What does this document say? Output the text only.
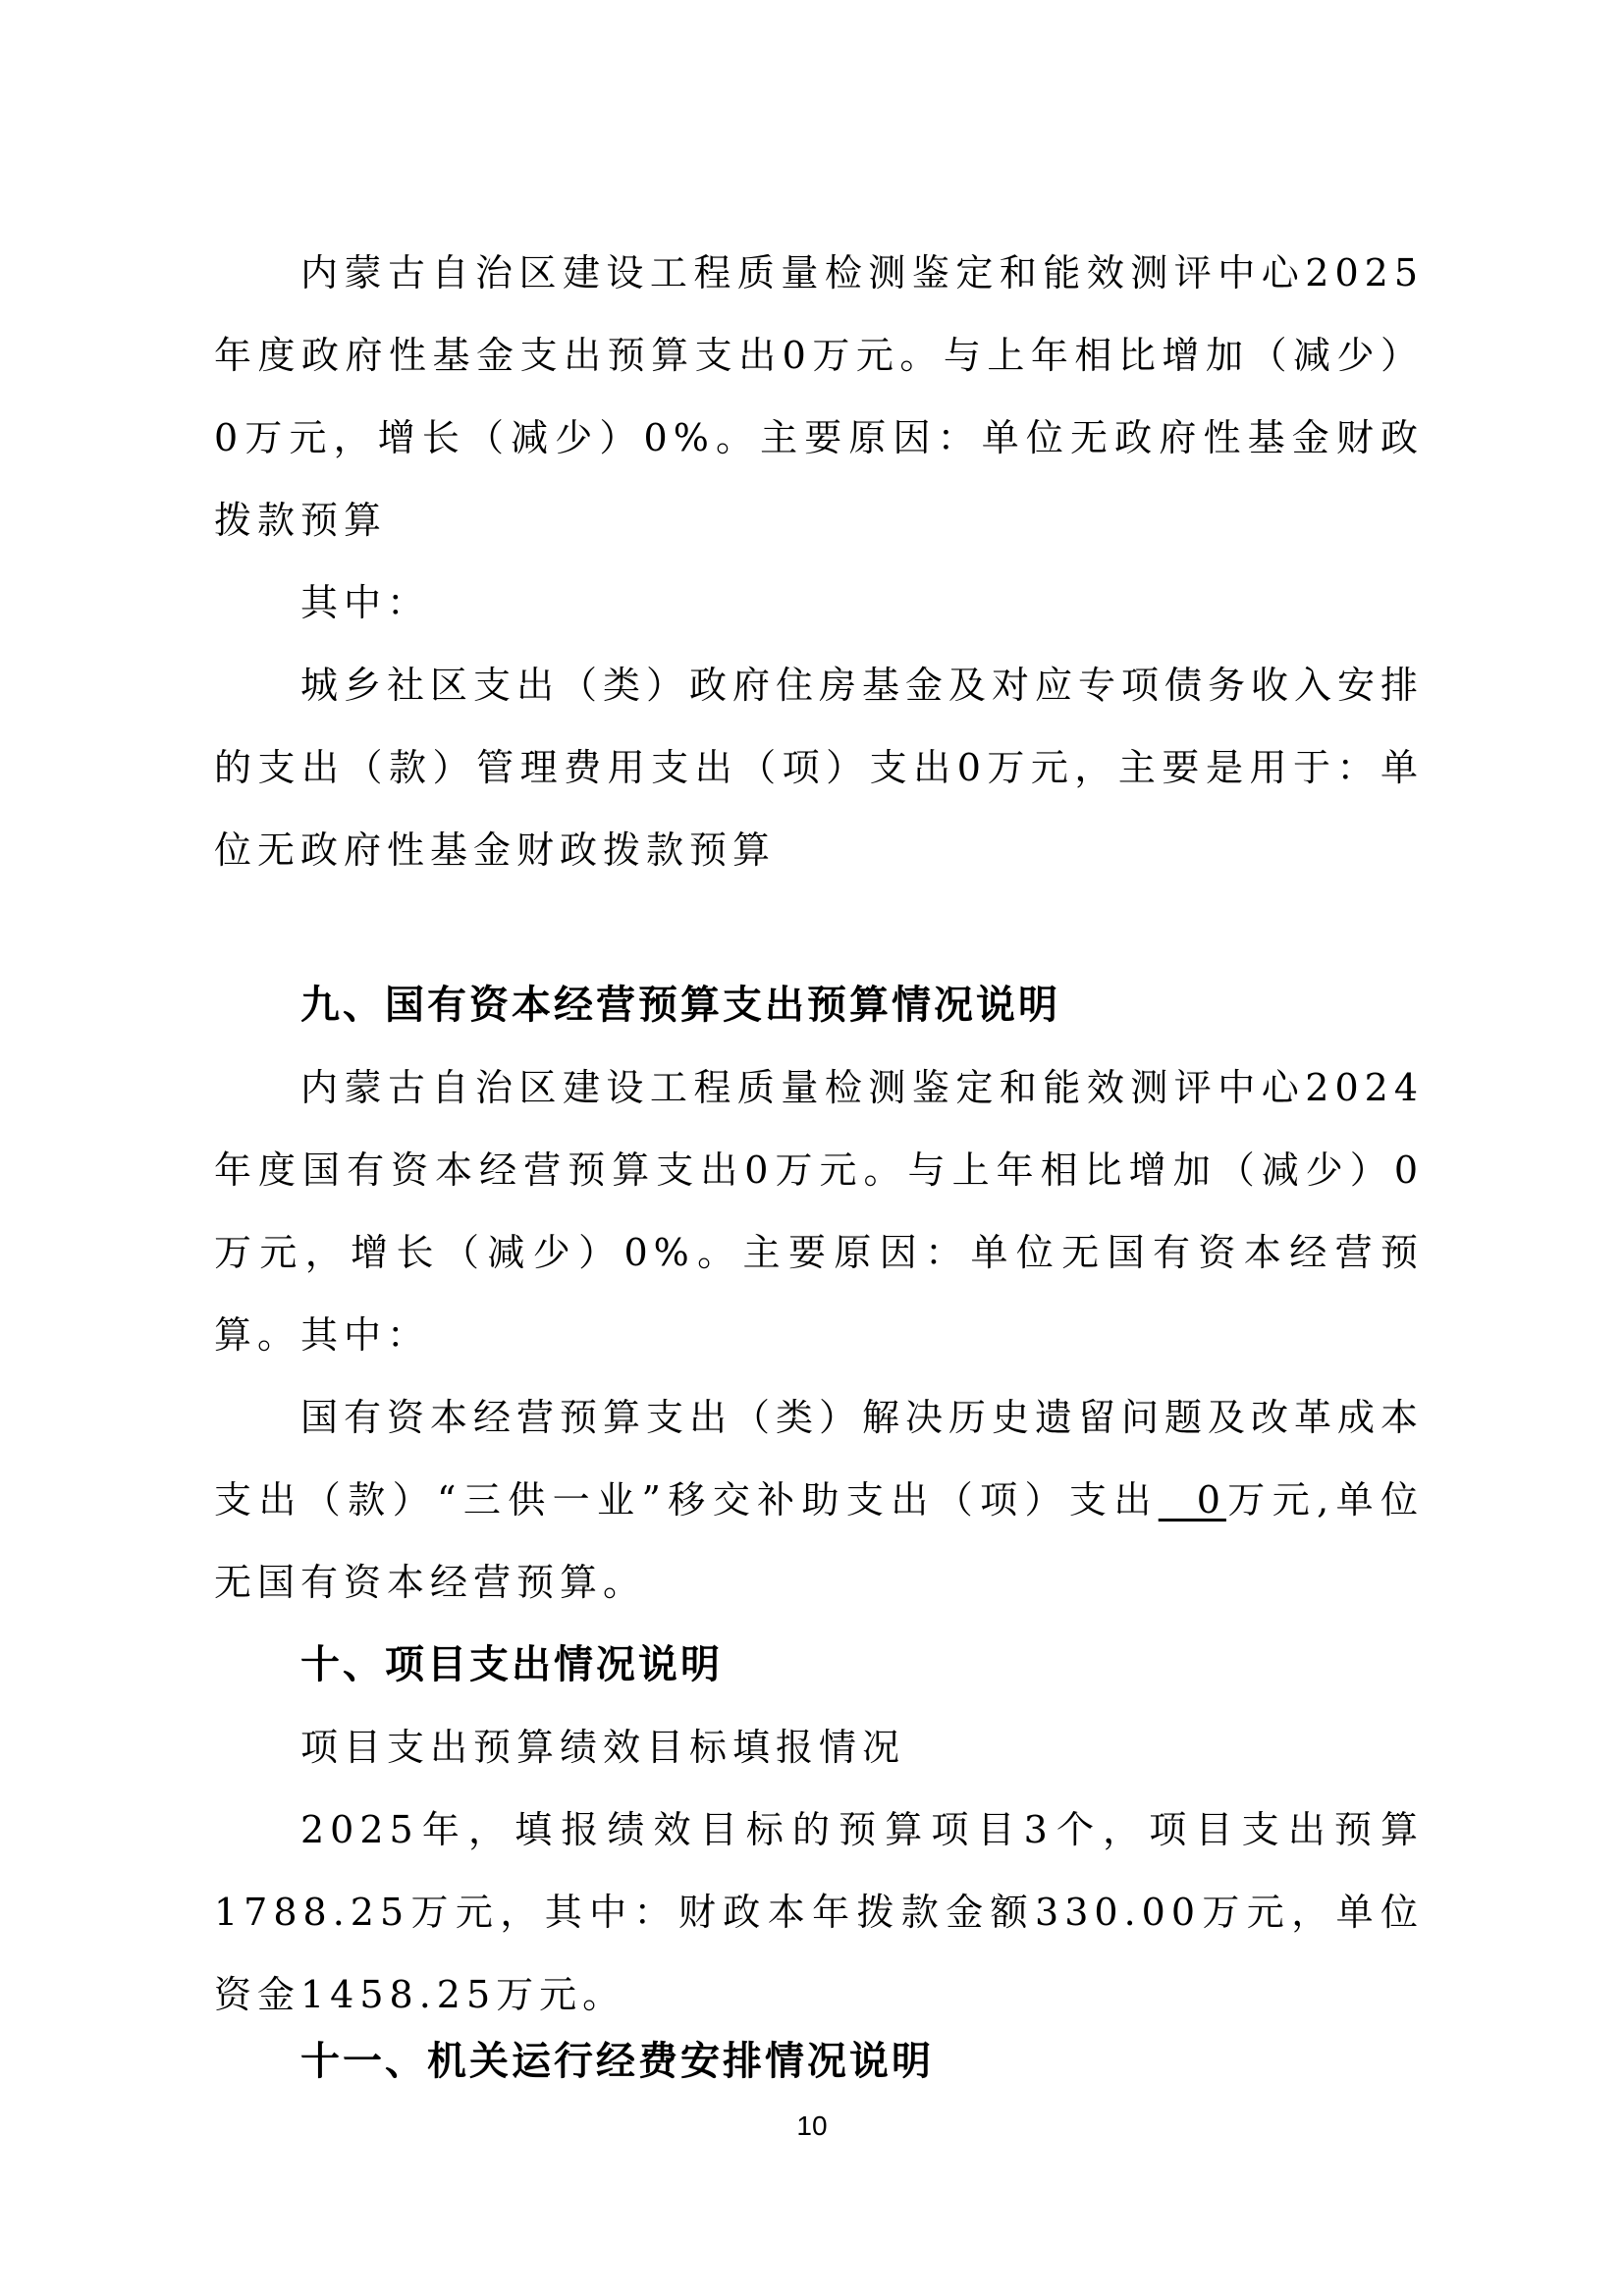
内蒙古自治区建设工程质量检测鉴定和能效测评中心2025年度政府性基金支出预算支出0万元。与上年相比增加（减少）0万元，增长（减少）0%。主要原因：单位无政府性基金财政拨款预算

其中：

城乡社区支出（类）政府住房基金及对应专项债务收入安排的支出（款）管理费用支出（项）支出0万元，主要是用于：单位无政府性基金财政拨款预算

九、国有资本经营预算支出预算情况说明

内蒙古自治区建设工程质量检测鉴定和能效测评中心2024年度国有资本经营预算支出0万元。与上年相比增加（减少）0万元，增长（减少）0%。主要原因：单位无国有资本经营预算。 其中：

国有资本经营预算支出（类）解决历史遗留问题及改革成本支出（款）“三供一业”移交补助支出（项）支出  0万元,单位无国有资本经营预算。

十、项目支出情况说明

项目支出预算绩效目标填报情况

2025年，填报绩效目标的预算项目3个，项目支出预算1788.25万元，其中：财政本年拨款金额330.00万元，单位资金1458.25万元。

十一、机关运行经费安排情况说明

10
